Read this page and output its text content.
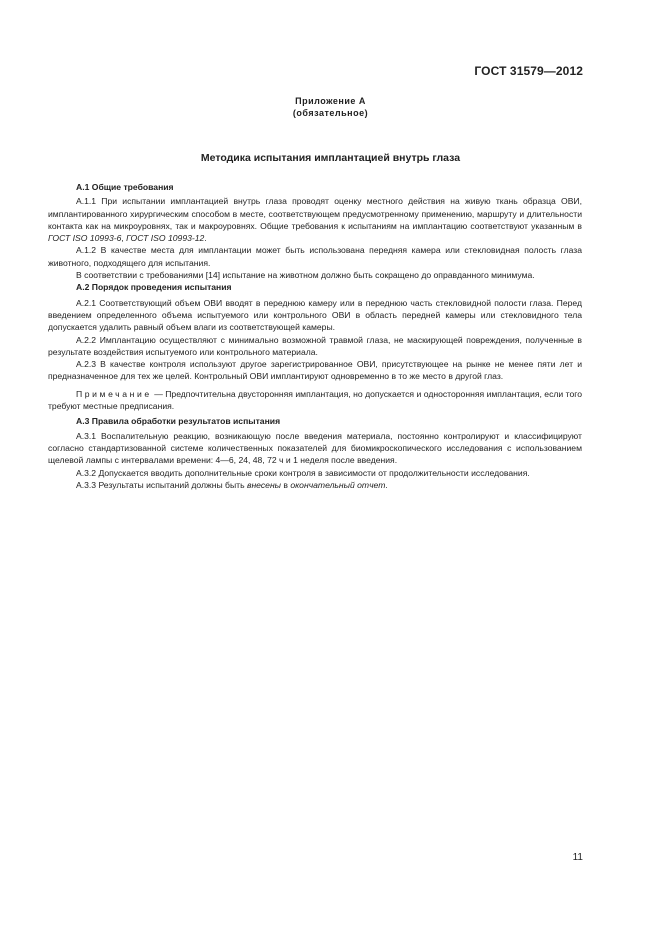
ГОСТ 31579—2012
Приложение А
(обязательное)
Методика испытания имплантацией внутрь глаза
А.1 Общие требования

А.1.1 При испытании имплантацией внутрь глаза проводят оценку местного действия на живую ткань образца ОВИ, имплантированного хирургическим способом в месте, соответствующем предусмотренному применению, маршруту и длительности контакта как на микроуровнях, так и макроуровнях. Общие требования к испытаниям на имплантацию соответствуют указанным в ГОСТ ISO 10993-6, ГОСТ ISO 10993-12.

А.1.2 В качестве места для имплантации может быть использована передняя камера или стекловидная полость глаза животного, подходящего для испытания.

В соответствии с требованиями [14] испытание на животном должно быть сокращено до оправданного минимума.

А.2 Порядок проведения испытания

А.2.1 Соответствующий объем ОВИ вводят в переднюю камеру или в переднюю часть стекловидной полости глаза. Перед введением определенного объема испытуемого или контрольного ОВИ в область передней камеры или стекловидного тела допускается удалить равный объем влаги из соответствующей камеры.

А.2.2 Имплантацию осуществляют с минимально возможной травмой глаза, не маскирующей повреждения, полученные в результате воздействия испытуемого или контрольного материала.

А.2.3 В качестве контроля используют другое зарегистрированное ОВИ, присутствующее на рынке не менее пяти лет и предназначенное для тех же целей. Контрольный ОВИ имплантируют одновременно в то же место в другой глаз.

Примечание — Предпочтительна двусторонняя имплантация, но допускается и односторонняя имплантация, если того требуют местные предписания.

А.3 Правила обработки результатов испытания

А.3.1 Воспалительную реакцию, возникающую после введения материала, постоянно контролируют и классифицируют согласно стандартизованной системе количественных показателей для биомикроскопического исследования с использованием щелевой лампы с интервалами времени: 4—6, 24, 48, 72 ч и 1 неделя после введения.

А.3.2 Допускается вводить дополнительные сроки контроля в зависимости от продолжительности исследования.

А.3.3 Результаты испытаний должны быть внесены в окончательный отчет.

11
